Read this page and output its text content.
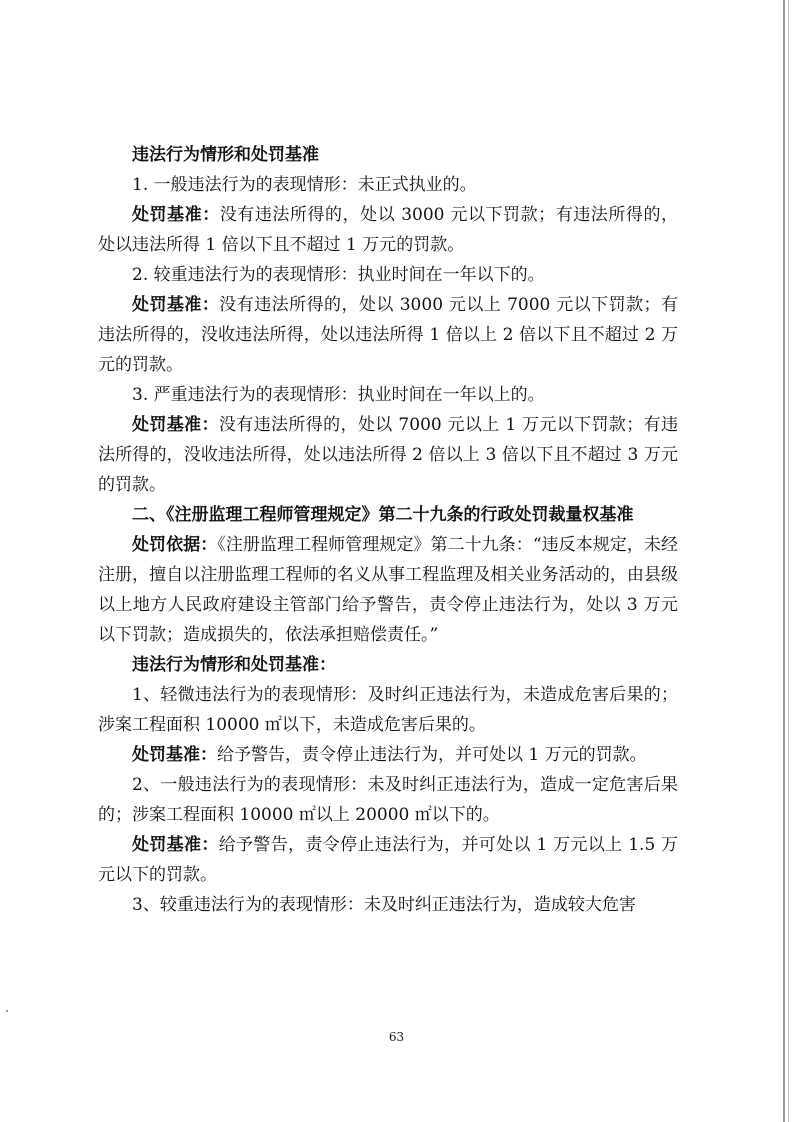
违法行为情形和处罚基准

1. 一般违法行为的表现情形：未正式执业的。

处罚基准：没有违法所得的，处以 3000 元以下罚款；有违法所得的，处以违法所得 1 倍以下且不超过 1 万元的罚款。

2. 较重违法行为的表现情形：执业时间在一年以下的。

处罚基准：没有违法所得的，处以 3000 元以上 7000 元以下罚款；有违法所得的，没收违法所得，处以违法所得 1 倍以上 2 倍以下且不超过 2 万元的罚款。

3. 严重违法行为的表现情形：执业时间在一年以上的。

处罚基准：没有违法所得的，处以 7000 元以上 1 万元以下罚款；有违法所得的，没收违法所得，处以违法所得 2 倍以上 3 倍以下且不超过 3 万元的罚款。

二、《注册监理工程师管理规定》第二十九条的行政处罚裁量权基准

处罚依据：《注册监理工程师管理规定》第二十九条：“违反本规定，未经注册，擅自以注册监理工程师的名义从事工程监理及相关业务活动的，由县级以上地方人民政府建设主管部门给予警告，责令停止违法行为，处以 3 万元以下罚款；造成损失的，依法承担赔偿责任。”

违法行为情形和处罚基准：

1、轻微违法行为的表现情形：及时纠正违法行为，未造成危害后果的；涉案工程面积 10000 ㎡以下，未造成危害后果的。

处罚基准：给予警告，责令停止违法行为，并可处以 1 万元的罚款。

2、一般违法行为的表现情形：未及时纠正违法行为，造成一定危害后果的；涉案工程面积 10000 ㎡以上 20000 ㎡以下的。

处罚基准：给予警告，责令停止违法行为，并可处以 1 万元以上 1.5 万元以下的罚款。

3、较重违法行为的表现情形：未及时纠正违法行为，造成较大危害

63
